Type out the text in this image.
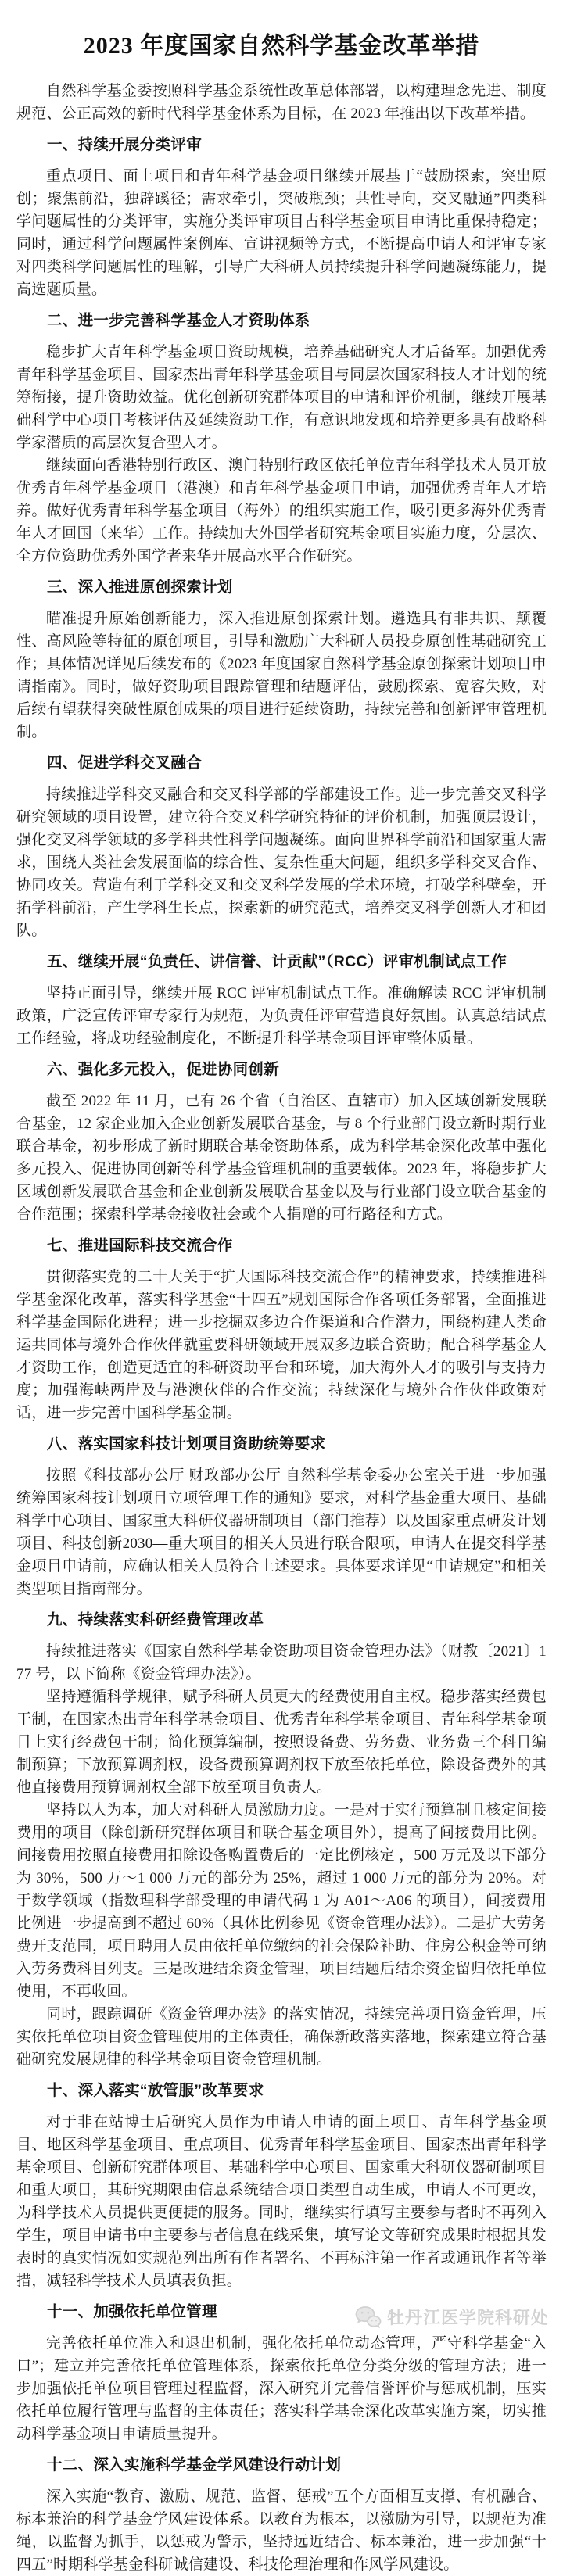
2023 年度国家自然科学基金改革举措

自然科学基金委按照科学基金系统性改革总体部署，以构建理念先进、制度规范、公正高效的新时代科学基金体系为目标，在 2023 年推出以下改革举措。

一、持续开展分类评审

重点项目、面上项目和青年科学基金项目继续开展基于“鼓励探索，突出原创；聚焦前沿，独辟蹊径；需求牵引，突破瓶颈；共性导向，交叉融通”四类科学问题属性的分类评审，实施分类评审项目占科学基金项目申请比重保持稳定；同时，通过科学问题属性案例库、宣讲视频等方式，不断提高申请人和评审专家对四类科学问题属性的理解，引导广大科研人员持续提升科学问题凝练能力，提高选题质量。

二、进一步完善科学基金人才资助体系

稳步扩大青年科学基金项目资助规模，培养基础研究人才后备军。加强优秀青年科学基金项目、国家杰出青年科学基金项目与同层次国家科技人才计划的统筹衔接，提升资助效益。优化创新研究群体项目的申请和评价机制，继续开展基础科学中心项目考核评估及延续资助工作，有意识地发现和培养更多具有战略科学家潜质的高层次复合型人才。

继续面向香港特别行政区、澳门特别行政区依托单位青年科学技术人员开放优秀青年科学基金项目（港澳）和青年科学基金项目申请，加强优秀青年人才培养。做好优秀青年科学基金项目（海外）的组织实施工作，吸引更多海外优秀青年人才回国（来华）工作。持续加大外国学者研究基金项目实施力度，分层次、全方位资助优秀外国学者来华开展高水平合作研究。

三、深入推进原创探索计划

瞄准提升原始创新能力，深入推进原创探索计划。遴选具有非共识、颠覆性、高风险等特征的原创项目，引导和激励广大科研人员投身原创性基础研究工作；具体情况详见后续发布的《2023 年度国家自然科学基金原创探索计划项目申请指南》。同时，做好资助项目跟踪管理和结题评估，鼓励探索、宽容失败，对后续有望获得突破性原创成果的项目进行延续资助，持续完善和创新评审管理机制。

四、促进学科交叉融合

持续推进学科交叉融合和交叉科学部的学部建设工作。进一步完善交叉科学研究领域的项目设置，建立符合交叉科学研究特征的评价机制，加强顶层设计，强化交叉科学领域的多学科共性科学问题凝练。面向世界科学前沿和国家重大需求，围绕人类社会发展面临的综合性、复杂性重大问题，组织多学科交叉合作、协同攻关。营造有利于学科交叉和交叉科学发展的学术环境，打破学科壁垒，开拓学科前沿，产生学科生长点，探索新的研究范式，培养交叉科学创新人才和团队。

五、继续开展“负责任、讲信誉、计贡献”（RCC）评审机制试点工作

坚持正面引导，继续开展 RCC 评审机制试点工作。准确解读 RCC 评审机制政策，广泛宣传评审专家行为规范，为负责任评审营造良好氛围。认真总结试点工作经验，将成功经验制度化，不断提升科学基金项目评审整体质量。

六、强化多元投入，促进协同创新

截至 2022 年 11 月，已有 26 个省（自治区、直辖市）加入区域创新发展联合基金，12 家企业加入企业创新发展联合基金，与 8 个行业部门设立新时期行业联合基金，初步形成了新时期联合基金资助体系，成为科学基金深化改革中强化多元投入、促进协同创新等科学基金管理机制的重要载体。2023 年，将稳步扩大区域创新发展联合基金和企业创新发展联合基金以及与行业部门设立联合基金的合作范围；探索科学基金接收社会或个人捐赠的可行路径和方式。

七、推进国际科技交流合作

贯彻落实党的二十大关于“扩大国际科技交流合作”的精神要求，持续推进科学基金深化改革，落实科学基金“十四五”规划国际合作各项任务部署，全面推进科学基金国际化进程；进一步挖掘双多边合作渠道和合作潜力，围绕构建人类命运共同体与境外合作伙伴就重要科研领域开展双多边联合资助；配合科学基金人才资助工作，创造更适宜的科研资助平台和环境，加大海外人才的吸引与支持力度；加强海峡两岸及与港澳伙伴的合作交流；持续深化与境外合作伙伴政策对话，进一步完善中国科学基金制。

八、落实国家科技计划项目资助统筹要求

按照《科技部办公厅 财政部办公厅 自然科学基金委办公室关于进一步加强统筹国家科技计划项目立项管理工作的通知》要求，对科学基金重大项目、基础科学中心项目、国家重大科研仪器研制项目（部门推荐）以及国家重点研发计划项目、科技创新2030—重大项目的相关人员进行联合限项，申请人在提交科学基金项目申请前，应确认相关人员符合上述要求。具体要求详见“申请规定”和相关类型项目指南部分。

九、持续落实科研经费管理改革

持续推进落实《国家自然科学基金资助项目资金管理办法》（财教〔2021〕177 号，以下简称《资金管理办法》）。

坚持遵循科学规律，赋予科研人员更大的经费使用自主权。稳步落实经费包干制，在国家杰出青年科学基金项目、优秀青年科学基金项目、青年科学基金项目上实行经费包干制；简化预算编制，按照设备费、劳务费、业务费三个科目编制预算；下放预算调剂权，设备费预算调剂权下放至依托单位，除设备费外的其他直接费用预算调剂权全部下放至项目负责人。

坚持以人为本，加大对科研人员激励力度。一是对于实行预算制且核定间接费用的项目（除创新研究群体项目和联合基金项目外），提高了间接费用比例。间接费用按照直接费用扣除设备购置费后的一定比例核定 ，500 万元及以下部分为 30%，500 万～1 000 万元的部分为 25%，超过 1 000 万元的部分为 20%。对于数学领域（指数理科学部受理的申请代码 1 为 A01～A06 的项目），间接费用比例进一步提高到不超过 60%（具体比例参见《资金管理办法》）。二是扩大劳务费开支范围，项目聘用人员由依托单位缴纳的社会保险补助、住房公积金等可纳入劳务费科目列支。三是改进结余资金管理，项目结题后结余资金留归依托单位使用，不再收回。

同时，跟踪调研《资金管理办法》的落实情况，持续完善项目资金管理，压实依托单位项目资金管理使用的主体责任，确保新政落实落地，探索建立符合基础研究发展规律的科学基金项目资金管理机制。

十、深入落实“放管服”改革要求

对于非在站博士后研究人员作为申请人申请的面上项目、青年科学基金项目、地区科学基金项目、重点项目、优秀青年科学基金项目、国家杰出青年科学基金项目、创新研究群体项目、基础科学中心项目、国家重大科研仪器研制项目和重大项目，其研究期限由信息系统结合项目类型自动生成，申请人不可更改，为科学技术人员提供更便捷的服务。同时，继续实行填写主要参与者时不再列入学生，项目申请书中主要参与者信息在线采集，填写论文等研究成果时根据其发表时的真实情况如实规范列出所有作者署名、不再标注第一作者或通讯作者等举措，减轻科学技术人员填表负担。

十一、加强依托单位管理

完善依托单位准入和退出机制，强化依托单位动态管理，严守科学基金“入口”；建立并完善依托单位管理体系，探索依托单位分类分级的管理方法；进一步加强依托单位项目管理过程监督，深入研究并完善信誉评价与惩戒机制，压实依托单位履行管理与监督的主体责任；落实科学基金深化改革实施方案，切实推动科学基金项目申请质量提升。

十二、深入实施科学基金学风建设行动计划

深入实施“教育、激励、规范、监督、惩戒”五个方面相互支撑、有机融合、标本兼治的科学基金学风建设体系。以教育为根本，以激励为引导，以规范为准绳，以监督为抓手，以惩戒为警示，坚持远近结合、标本兼治，进一步加强“十四五”时期科学基金科研诚信建设、科技伦理治理和作风学风建设。

牡丹江医学院科研处
